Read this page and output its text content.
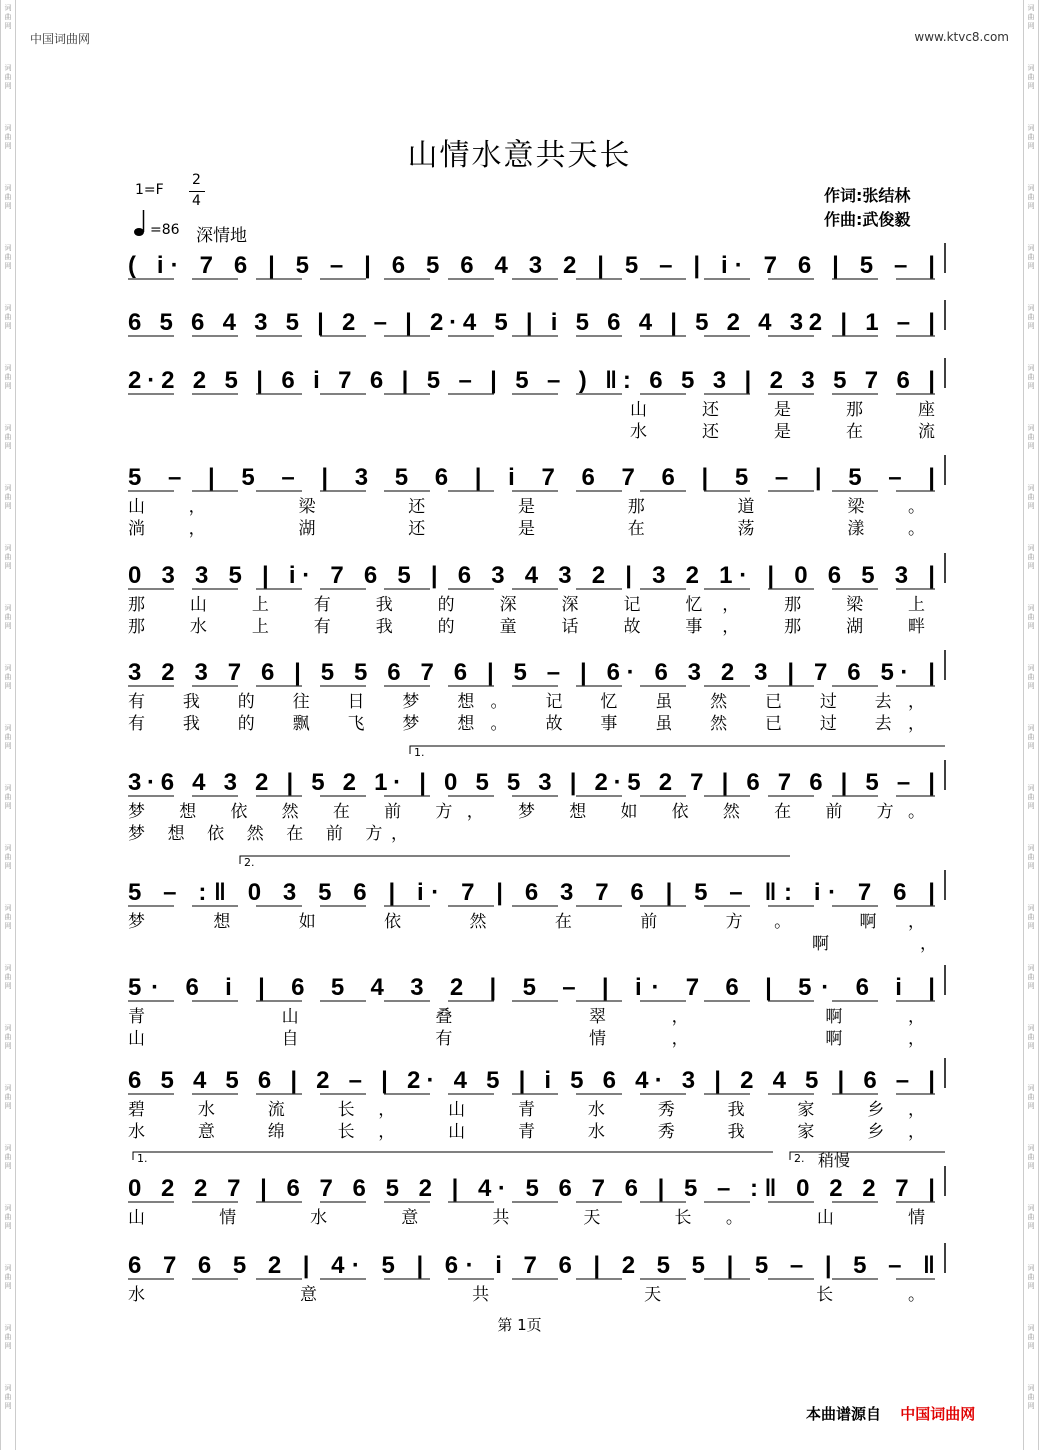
词
曲
网
词
曲
网
词
曲
网
词
曲
网
词
曲
网
词
曲
网
词
曲
网
词
曲
网
词
曲
网
词
曲
网
词
曲
网
词
曲
网
词
曲
网
词
曲
网
词
曲
网
词
曲
网
词
曲
网
词
曲
网
词
曲
网
词
曲
网
词
曲
网
词
曲
网
词
曲
网
词
曲
网
词
曲
网
词
曲
网
词
曲
网
词
曲
网
词
曲
网
词
曲
网
词
曲
网
词
曲
网
词
曲
网
词
曲
网
词
曲
网
词
曲
网
词
曲
网
词
曲
网
词
曲
网
词
曲
网
词
曲
网
词
曲
网
词
曲
网
词
曲
网
词
曲
网
词
曲
网
词
曲
网
词
曲
网
中国词曲网	www.ktvc8.com
山情水意共天长
1=F
2
4
=86 深情地
作词:张结林
作曲:武俊毅
( i· 7 6 | 5 – | 6 5 6 4 3 2 | 5 – | i· 7 6 | 5 – |
6 5 6 4 3 5 | 2 – | 2·4 5 | i 5 6 4 | 5 2 4 32 | 1 – |
2·2 2 5 | 6 i 7 6 | 5 – | 5 – ) ‖: 6 5 3 | 2 3 5 7 6 |
山 还 是 那 座
水 还 是 在 流
5 – | 5 – | 3 5 6 | i 7 6 7 6 | 5 – | 5 – |
山， 梁 还 是 那 道 梁。
淌， 湖 还 是 在 荡 漾。
0 3 3 5 | i· 7 6 5 | 6 3 4 3 2 | 3 2 1· | 0 6 5 3 |
那 山 上 有 我 的 深 深 记 忆， 那 梁 上
那 水 上 有 我 的 童 话 故 事， 那 湖 畔
3 2 3 7 6 | 5 5 6 7 6 | 5 – | 6· 6 3 2 3 | 7 6 5· |
有 我 的 往 日 梦 想。 记 忆 虽 然 已 过 去，
有 我 的 飘 飞 梦 想。 故 事 虽 然 已 过 去，
3·6 4 3 2 | 5 2 1· | 0 5 5 3 | 2·5 2 7 | 6 7 6 | 5 – |
1.
梦 想 依 然 在 前 方， 梦 想 如 依 然 在 前 方。
梦 想 依 然 在 前 方，
5 – :‖ 0 3 5 6 | i· 7 | 6 3 7 6 | 5 – ‖: i· 7 6 |
2.
梦 想 如 依 然 在 前 方。 啊，
啊，
5· 6 i | 6 5 4 3 2 | 5 – | i· 7 6 | 5· 6 i |
青 山 叠 翠， 啊，
山 自 有 情， 啊，
6 5 4 5 6 | 2 – | 2· 4 5 | i 5 6 4· 3 | 2 4 5 | 6 – |
碧 水 流 长， 山 青 水 秀 我 家 乡，
水 意 绵 长， 山 青 水 秀 我 家 乡，
0 2 2 7 | 6 7 6 5 2 | 4· 5 6 7 6 | 5 – :‖ 0 2 2 7 |
1.	2. 稍慢
山 情 水 意 共 天 长。 山 情
6 7 6 5 2 | 4· 5 | 6· i 7 6 | 2 5 5 | 5 – | 5 – ‖
水 意 共 天 长。
第 1页
本曲谱源自 中国词曲网
